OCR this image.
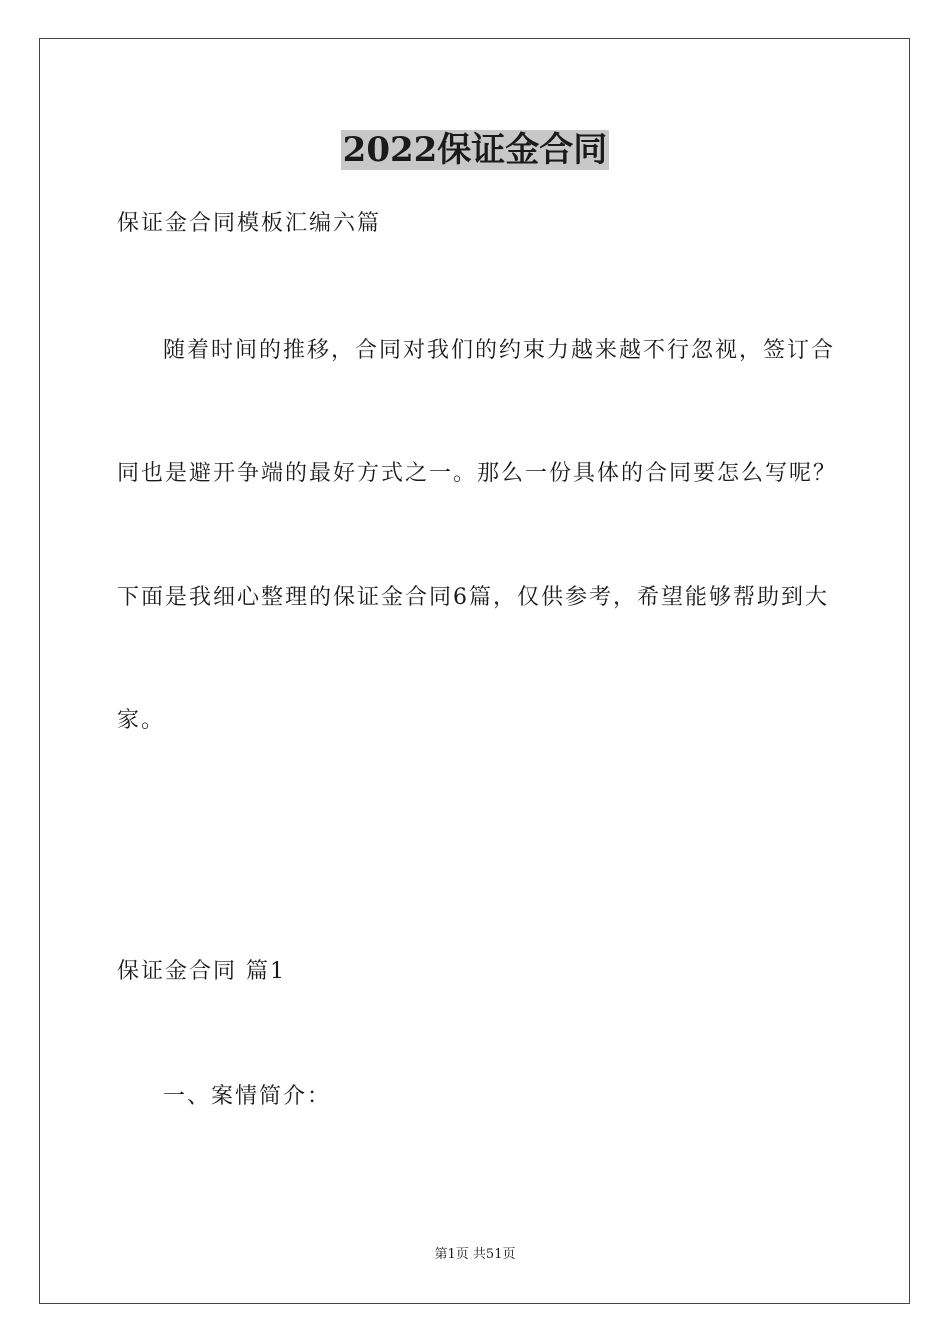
2022保证金合同
保证金合同模板汇编六篇
随着时间的推移，合同对我们的约束力越来越不行忽视，签订合
同也是避开争端的最好方式之一。那么一份具体的合同要怎么写呢？
下面是我细心整理的保证金合同6篇，仅供参考，希望能够帮助到大
家。
保证金合同 篇1
一、案情简介：
第1页 共51页
